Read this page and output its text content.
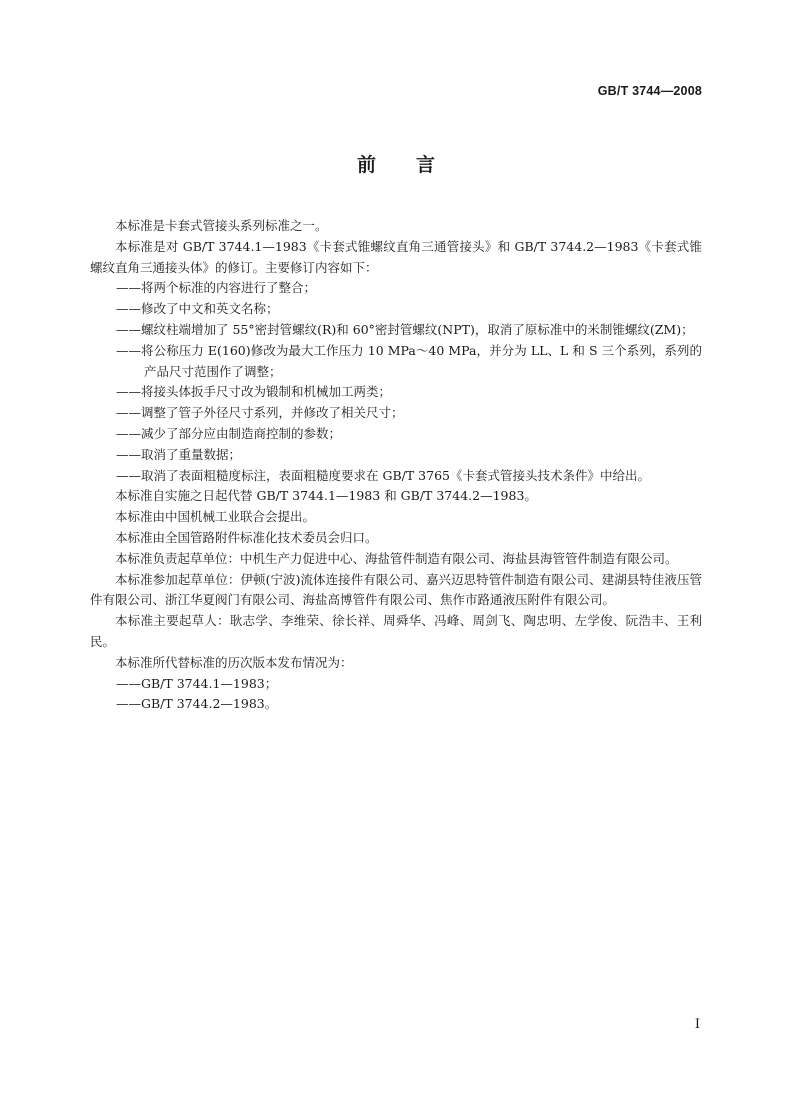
GB/T 3744—2008
前言

本标准是卡套式管接头系列标准之一。

本标准是对 GB/T 3744.1—1983《卡套式锥螺纹直角三通管接头》和 GB/T 3744.2—1983《卡套式锥螺纹直角三通接头体》的修订。主要修订内容如下：

——将两个标准的内容进行了整合；

——修改了中文和英文名称；

——螺纹柱端增加了 55°密封管螺纹(R)和 60°密封管螺纹(NPT)，取消了原标准中的米制锥螺纹(ZM)；

——将公称压力 E(160)修改为最大工作压力 10 MPa～40 MPa，并分为 LL、L 和 S 三个系列，系列的产品尺寸范围作了调整；

——将接头体扳手尺寸改为锻制和机械加工两类；

——调整了管子外径尺寸系列，并修改了相关尺寸；

——减少了部分应由制造商控制的参数；

——取消了重量数据；

——取消了表面粗糙度标注，表面粗糙度要求在 GB/T 3765《卡套式管接头技术条件》中给出。

本标准自实施之日起代替 GB/T 3744.1—1983 和 GB/T 3744.2—1983。

本标准由中国机械工业联合会提出。

本标准由全国管路附件标准化技术委员会归口。

本标准负责起草单位：中机生产力促进中心、海盐管件制造有限公司、海盐县海管管件制造有限公司。

本标准参加起草单位：伊顿(宁波)流体连接件有限公司、嘉兴迈思特管件制造有限公司、建湖县特佳液压管件有限公司、浙江华夏阀门有限公司、海盐高博管件有限公司、焦作市路通液压附件有限公司。

本标准主要起草人：耿志学、李维荣、徐长祥、周舜华、冯峰、周剑飞、陶忠明、左学俊、阮浩丰、王利民。

本标准所代替标准的历次版本发布情况为：

——GB/T 3744.1—1983；

——GB/T 3744.2—1983。

I
